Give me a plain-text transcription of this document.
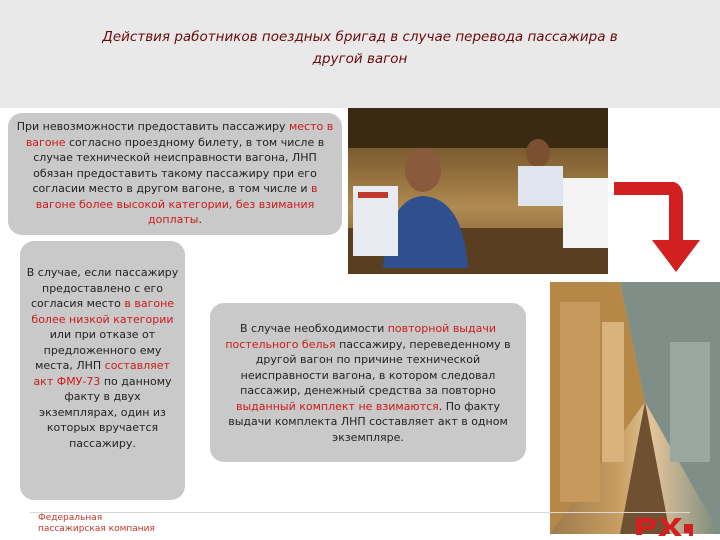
Действия работников поездных бригад в случае перевода пассажира в
другой вагон
При невозможности предоставить пассажиру место в вагоне согласно проездному билету, в том числе в случае технической неисправности вагона, ЛНП обязан предоставить такому пассажиру при его согласии место в другом вагоне, в том числе и в вагоне более высокой категории, без взимания доплаты.
В случае, если пассажиру предоставлено с его согласия место в вагоне более низкой категории или при отказе от предложенного ему места, ЛНП составляет акт ФМУ-73 по данному факту в двух экземплярах, один из которых вручается пассажиру.
В случае необходимости повторной выдачи постельного белья пассажиру, переведенному в другой вагон по причине технической неисправности вагона, в котором следовал пассажир, денежный средства за повторно выданный комплект не взимаются. По факту выдачи комплекта ЛНП составляет акт в одном экземпляре.
Федеральная
пассажирская компания
